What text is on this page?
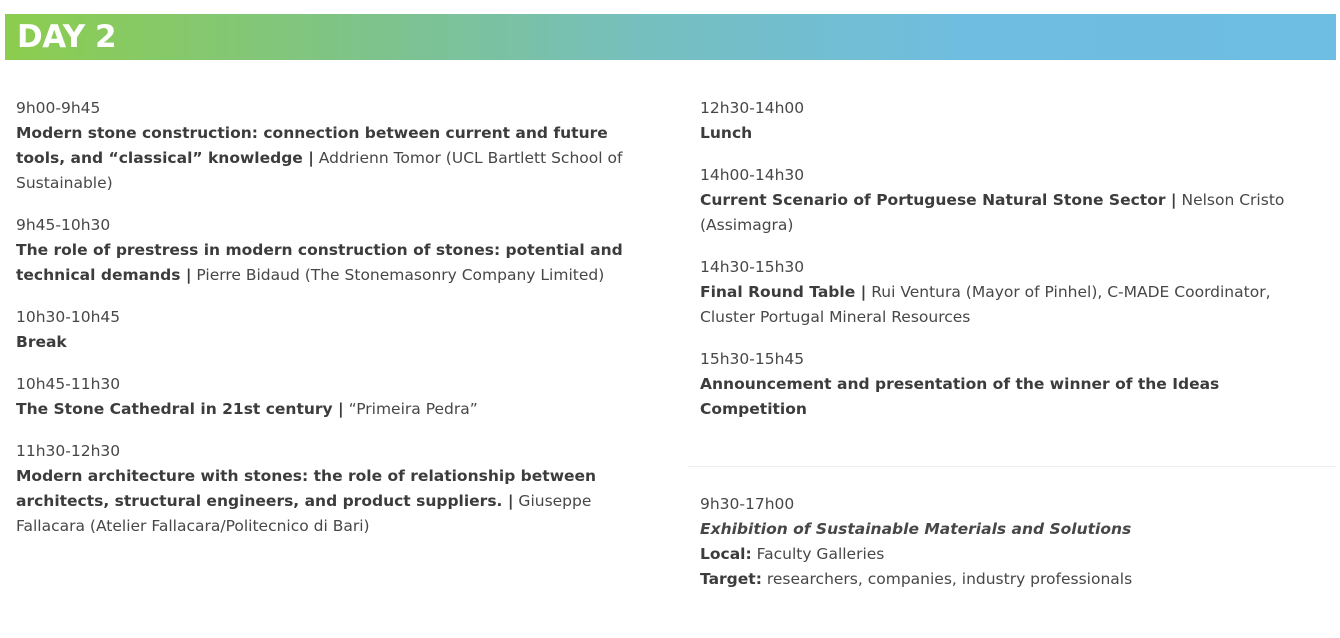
DAY 2
9h00-9h45
Modern stone construction: connection between current and future tools, and “classical” knowledge | Addrienn Tomor (UCL Bartlett School of Sustainable)
9h45-10h30
The role of prestress in modern construction of stones: potential and technical demands | Pierre Bidaud (The Stonemasonry Company Limited)
10h30-10h45
Break
10h45-11h30
The Stone Cathedral in 21st century | “Primeira Pedra”
11h30-12h30
Modern architecture with stones: the role of relationship between architects, structural engineers, and product suppliers. | Giuseppe Fallacara (Atelier Fallacara/Politecnico di Bari)
12h30-14h00
Lunch
14h00-14h30
Current Scenario of Portuguese Natural Stone Sector | Nelson Cristo (Assimagra)
14h30-15h30
Final Round Table | Rui Ventura (Mayor of Pinhel), C-MADE Coordinator, Cluster Portugal Mineral Resources
15h30-15h45
Announcement and presentation of the winner of the Ideas Competition
9h30-17h00
Exhibition of Sustainable Materials and Solutions
Local: Faculty Galleries
Target: researchers, companies, industry professionals
